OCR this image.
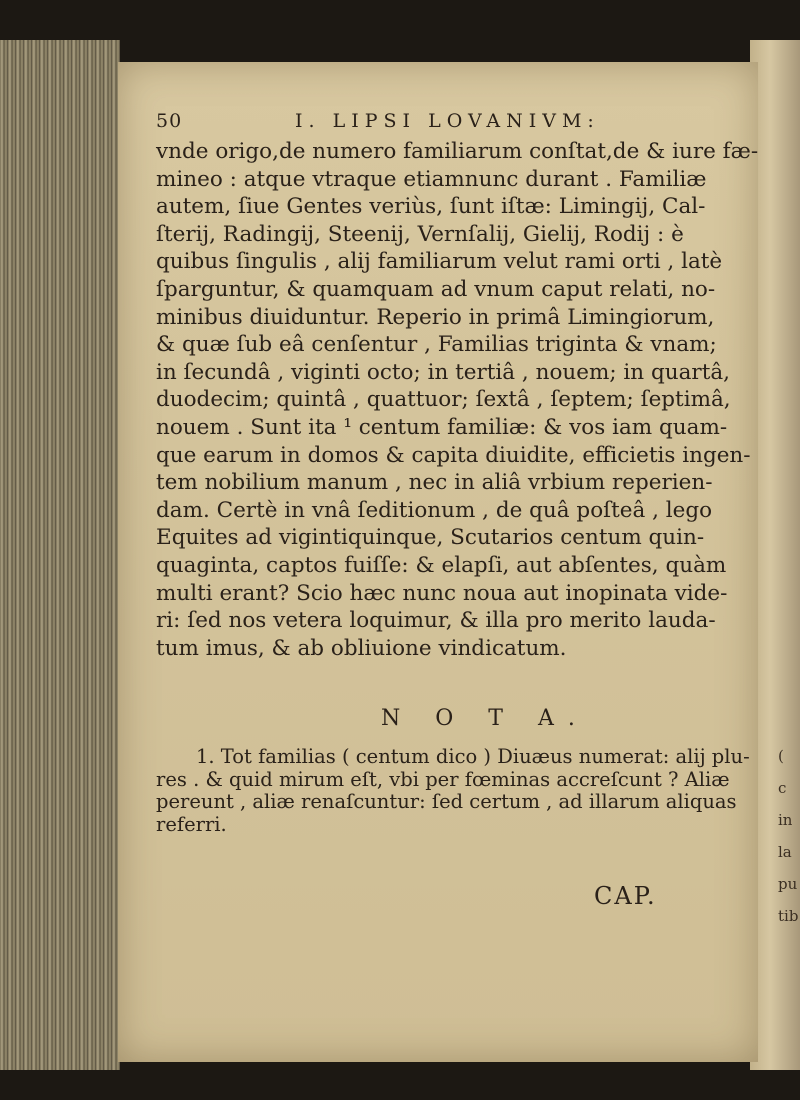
(
c
in
la
pu
tib
50	I. LIPSI LOVANIVM:
vnde origo,de numero familiarum conſtat,de & iure fæ-
mineo : atque vtraque etiamnunc durant . Familiæ
autem, ſiue Gentes veriùs, ſunt iſtæ: Limingij, Cal-
ſterij, Radingij, Steenij, Vernſalij, Gielij, Rodij : è
quibus ſingulis , alij familiarum velut rami orti , latè
ſparguntur, & quamquam ad vnum caput relati, no-
minibus diuiduntur. Reperio in primâ Limingiorum,
& quæ ſub eâ cenſentur , Familias triginta & vnam;
in ſecundâ , viginti octo; in tertiâ , nouem; in quartâ,
duodecim; quintâ , quattuor; ſextâ , ſeptem; ſeptimâ,
nouem . Sunt ita ¹ centum familiæ: & vos iam quam-
que earum in domos & capita diuidite, efficietis ingen-
tem nobilium manum , nec in aliâ vrbium reperien-
dam. Certè in vnâ ſeditionum , de quâ poſteâ , lego
Equites ad vigintiquinque, Scutarios centum quin-
quaginta, captos fuiſſe: & elapſi, aut abſentes, quàm
multi erant? Scio hæc nunc noua aut inopinata vide-
ri: ſed nos vetera loquimur, & illa pro merito lauda-
tum imus, & ab obliuione vindicatum.
N O T A.
1. Tot familias ( centum dico ) Diuæus numerat: alij plu-
res . & quid mirum eſt, vbi per fœminas accreſcunt ? Aliæ
pereunt , aliæ renaſcuntur: ſed certum , ad illarum aliquas
referri.
CAP.
